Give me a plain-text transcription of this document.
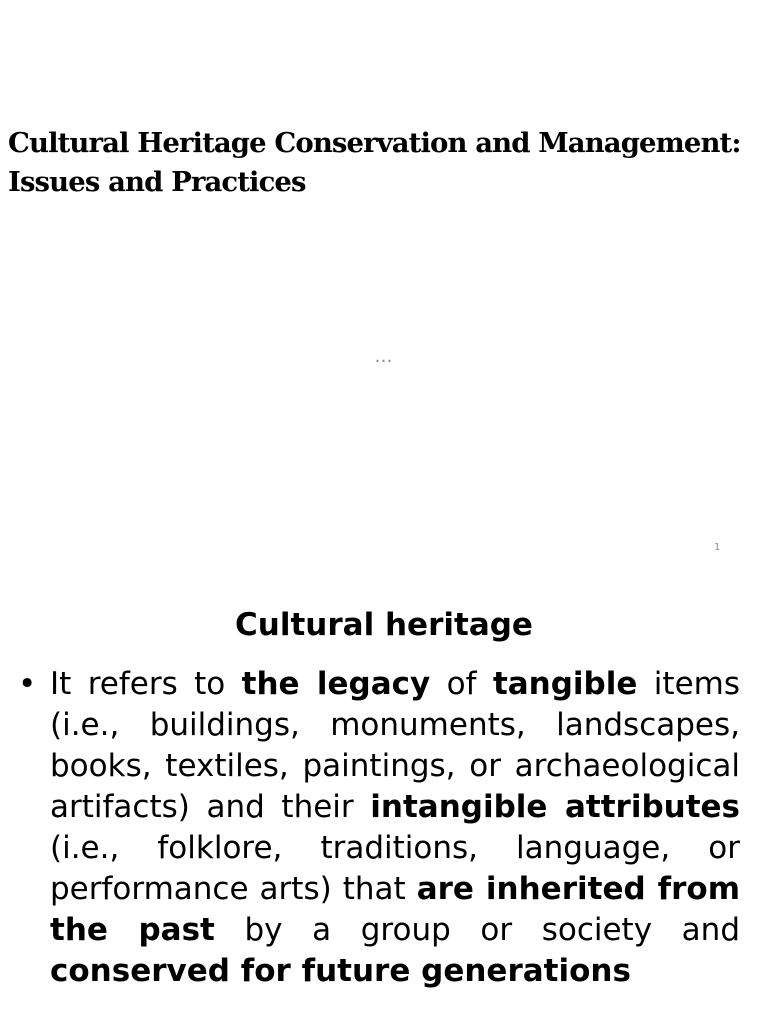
Cultural Heritage Conservation and Management: Issues and Practices
…
1
Cultural heritage
• It refers to the legacy of tangible items (i.e., buildings, monuments, landscapes, books, textiles, paintings, or archaeological artifacts) and their intangible attributes (i.e., folklore, traditions, language, or performance arts) that are inherited from the past by a group or society and conserved for future generations
